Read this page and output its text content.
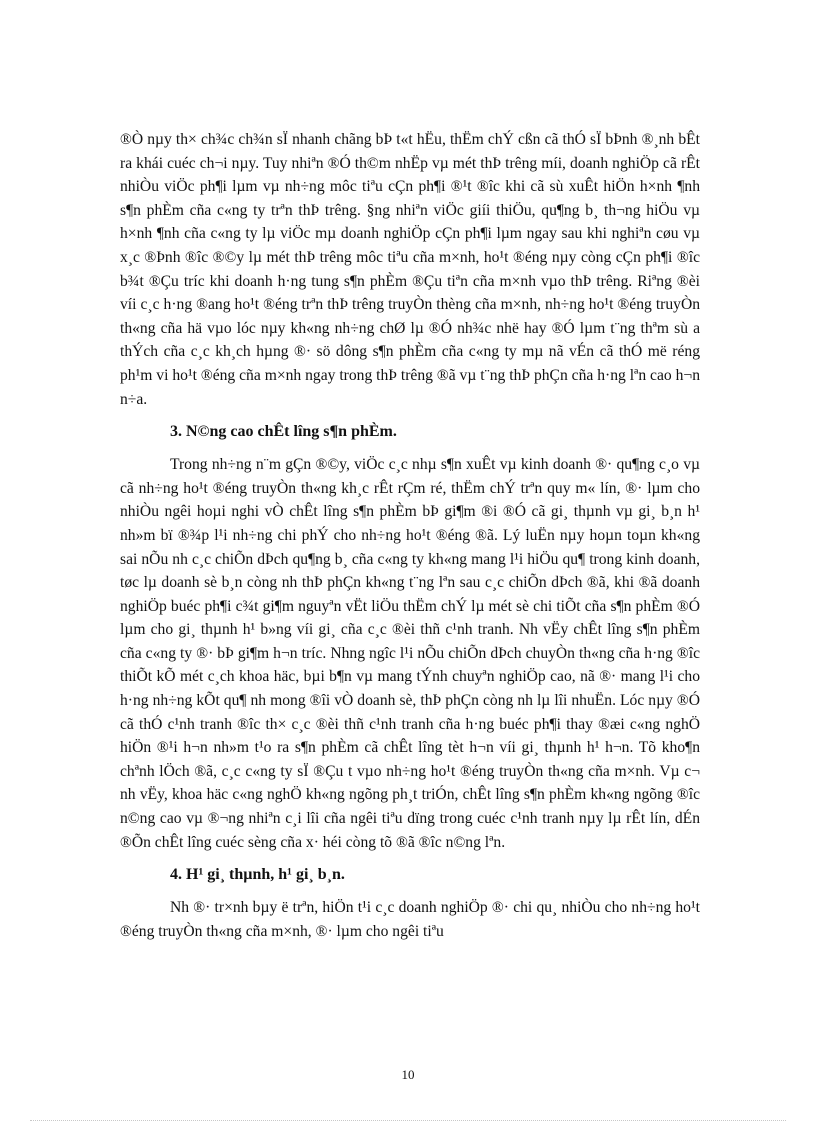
®Ò nµy th× ch¾c ch¾n sÏ nhanh chãng bÞ t«t hËu, thËm chÝ cßn cã thÓ sÏ bÞnh ®¸nh bÊt ra khái cuéc ch¬i nµy. Tuy nhiªn ®Ó th©m nhËp vµ mét thÞ trêng míi, doanh nghiÖp cã rÊt nhiÒu viÖc ph¶i lµm vµ nh÷ng môc tiªu cÇn ph¶i ®¹t ®îc khi cã sù xuÊt hiÖn h×nh ¶nh s¶n phÈm cña c«ng ty trªn thÞ trêng. §ng nhiªn viÖc giíi thiÖu, qu¶ng b¸ th¬ng hiÖu vµ h×nh ¶nh cña c«ng ty lµ viÖc mµ doanh nghiÖp cÇn ph¶i lµm ngay sau khi nghiªn cøu vµ x¸c ®Þnh ®îc ®©y lµ mét thÞ trêng môc tiªu cña m×nh, ho¹t ®éng nµy còng cÇn ph¶i ®îc b¾t ®Çu tríc khi doanh h·ng tung s¶n phÈm ®Çu tiªn cña m×nh vµo thÞ trêng. Riªng ®èi víi c¸c h·ng ®ang ho¹t ®éng trªn thÞ trêng truyÒn thèng cña m×nh, nh÷ng ho¹t ®éng truyÒn th«ng cña hä vµo lóc nµy kh«ng nh÷ng chØ lµ ®Ó nh¾c nhë hay ®Ó lµm t¨ng thªm sù a thÝch cña c¸c kh¸ch hµng ®· sö dông s¶n phÈm cña c«ng ty mµ nã vÉn cã thÓ më réng ph¹m vi ho¹t ®éng cña m×nh ngay trong thÞ trêng ®ã vµ t¨ng thÞ phÇn cña h·ng lªn cao h¬n n÷a.

3. N©ng cao chÊt lîng s¶n phÈm.

Trong nh÷ng n¨m gÇn ®©y, viÖc c¸c nhµ s¶n xuÊt vµ kinh doanh ®· qu¶ng c¸o vµ cã nh÷ng ho¹t ®éng truyÒn th«ng kh¸c rÊt rÇm ré, thËm chÝ trªn quy m« lín, ®· lµm cho nhiÒu ngêi hoµi nghi vÒ chÊt lîng s¶n phÈm bÞ gi¶m ®i ®Ó cã gi¸ thµnh vµ gi¸ b¸n h¹ nh»m bï ®¾p l¹i nh÷ng chi phÝ cho nh÷ng ho¹t ®éng ®ã. Lý luËn nµy hoµn toµn kh«ng sai nÕu nh c¸c chiÕn dÞch qu¶ng b¸ cña c«ng ty kh«ng mang l¹i hiÖu qu¶ trong kinh doanh, tøc lµ doanh sè b¸n còng nh thÞ phÇn kh«ng t¨ng lªn sau c¸c chiÕn dÞch ®ã, khi ®ã doanh nghiÖp buéc ph¶i c¾t gi¶m nguyªn vËt liÖu thËm chÝ lµ mét sè chi tiÕt cña s¶n phÈm ®Ó lµm cho gi¸ thµnh h¹ b»ng víi gi¸ cña c¸c ®èi thñ c¹nh tranh. Nh vËy chÊt lîng s¶n phÈm cña c«ng ty ®· bÞ gi¶m h¬n tríc. Nhng ngîc l¹i nÕu chiÕn dÞch chuyÒn th«ng cña h·ng ®îc thiÕt kÕ mét c¸ch khoa häc, bµi b¶n vµ mang tÝnh chuyªn nghiÖp cao, nã ®· mang l¹i cho h·ng nh÷ng kÕt qu¶ nh mong ®îi vÒ doanh sè, thÞ phÇn còng nh lµ lîi nhuËn. Lóc nµy ®Ó cã thÓ c¹nh tranh ®îc th× c¸c ®èi thñ c¹nh tranh cña h·ng buéc ph¶i thay ®æi c«ng nghÖ hiÖn ®¹i h¬n nh»m t¹o ra s¶n phÈm cã chÊt lîng tèt h¬n víi gi¸ thµnh h¹ h¬n. Tõ kho¶n chªnh lÖch ®ã, c¸c c«ng ty sÏ ®Çu t vµo nh÷ng ho¹t ®éng truyÒn th«ng cña m×nh. Vµ c¬ nh vËy, khoa häc c«ng nghÖ kh«ng ngõng ph¸t triÓn, chÊt lîng s¶n phÈm kh«ng ngõng ®îc n©ng cao vµ ®¬ng nhiªn c¸i lîi cña ngêi tiªu dïng trong cuéc c¹nh tranh nµy lµ rÊt lín, dÉn ®Õn chÊt lîng cuéc sèng cña x· héi còng tõ ®ã ®îc n©ng lªn.

4. H¹ gi¸ thµnh, h¹ gi¸ b¸n.

Nh ®· tr×nh bµy ë trªn, hiÖn t¹i c¸c doanh nghiÖp ®· chi qu¸ nhiÒu cho nh÷ng ho¹t ®éng truyÒn th«ng cña m×nh, ®· lµm cho ngêi tiªu

10
